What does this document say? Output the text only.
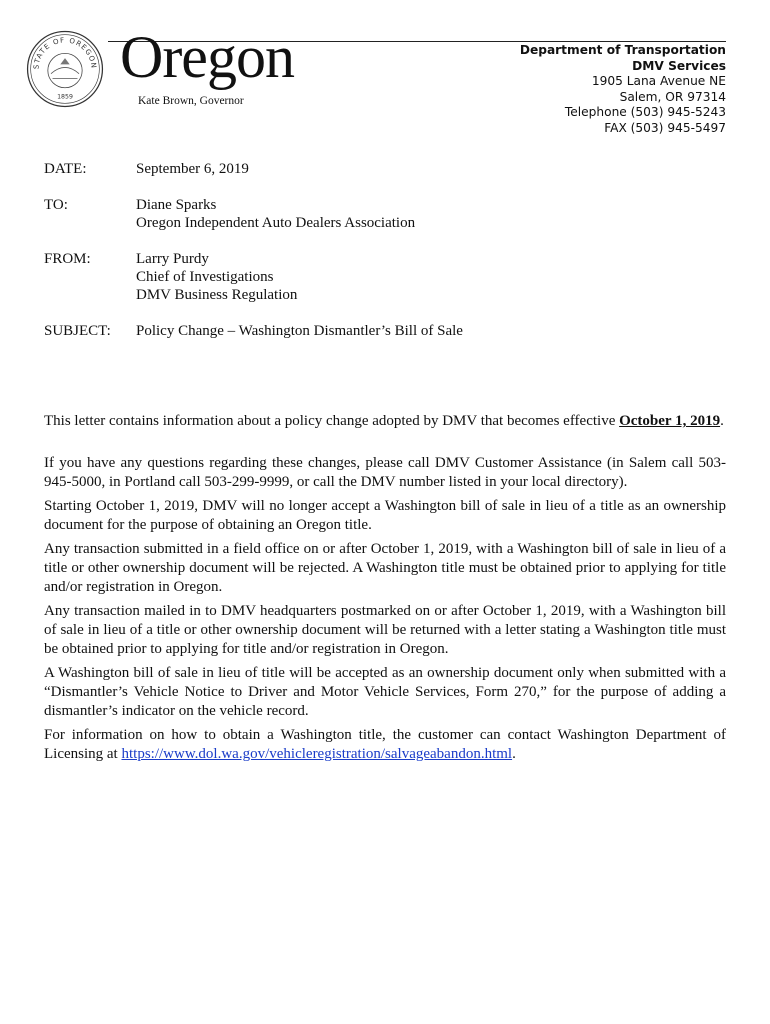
STATE OF OREGON
1859
Oregon
Kate Brown, Governor
Department of Transportation
DMV Services
1905 Lana Avenue NE
Salem, OR 97314
Telephone (503) 945-5243
FAX (503) 945-5497
DATE:	September 6, 2019
TO:	Diane Sparks
Oregon Independent Auto Dealers Association
FROM:	Larry Purdy
Chief of Investigations
DMV Business Regulation
SUBJECT:	Policy Change – Washington Dismantler’s Bill of Sale

This letter contains information about a policy change adopted by DMV that becomes effective October 1, 2019.

If you have any questions regarding these changes, please call DMV Customer Assistance (in Salem call 503-945-5000, in Portland call 503-299-9999, or call the DMV number listed in your local directory).

Starting October 1, 2019, DMV will no longer accept a Washington bill of sale in lieu of a title as an ownership document for the purpose of obtaining an Oregon title.

Any transaction submitted in a field office on or after October 1, 2019, with a Washington bill of sale in lieu of a title or other ownership document will be rejected. A Washington title must be obtained prior to applying for title and/or registration in Oregon.

Any transaction mailed in to DMV headquarters postmarked on or after October 1, 2019, with a Washington bill of sale in lieu of a title or other ownership document will be returned with a letter stating a Washington title must be obtained prior to applying for title and/or registration in Oregon.

A Washington bill of sale in lieu of title will be accepted as an ownership document only when submitted with a “Dismantler’s Vehicle Notice to Driver and Motor Vehicle Services, Form 270,” for the purpose of adding a dismantler’s indicator on the vehicle record.

For information on how to obtain a Washington title, the customer can contact Washington Department of Licensing at https://www.dol.wa.gov/vehicleregistration/salvageabandon.html.
